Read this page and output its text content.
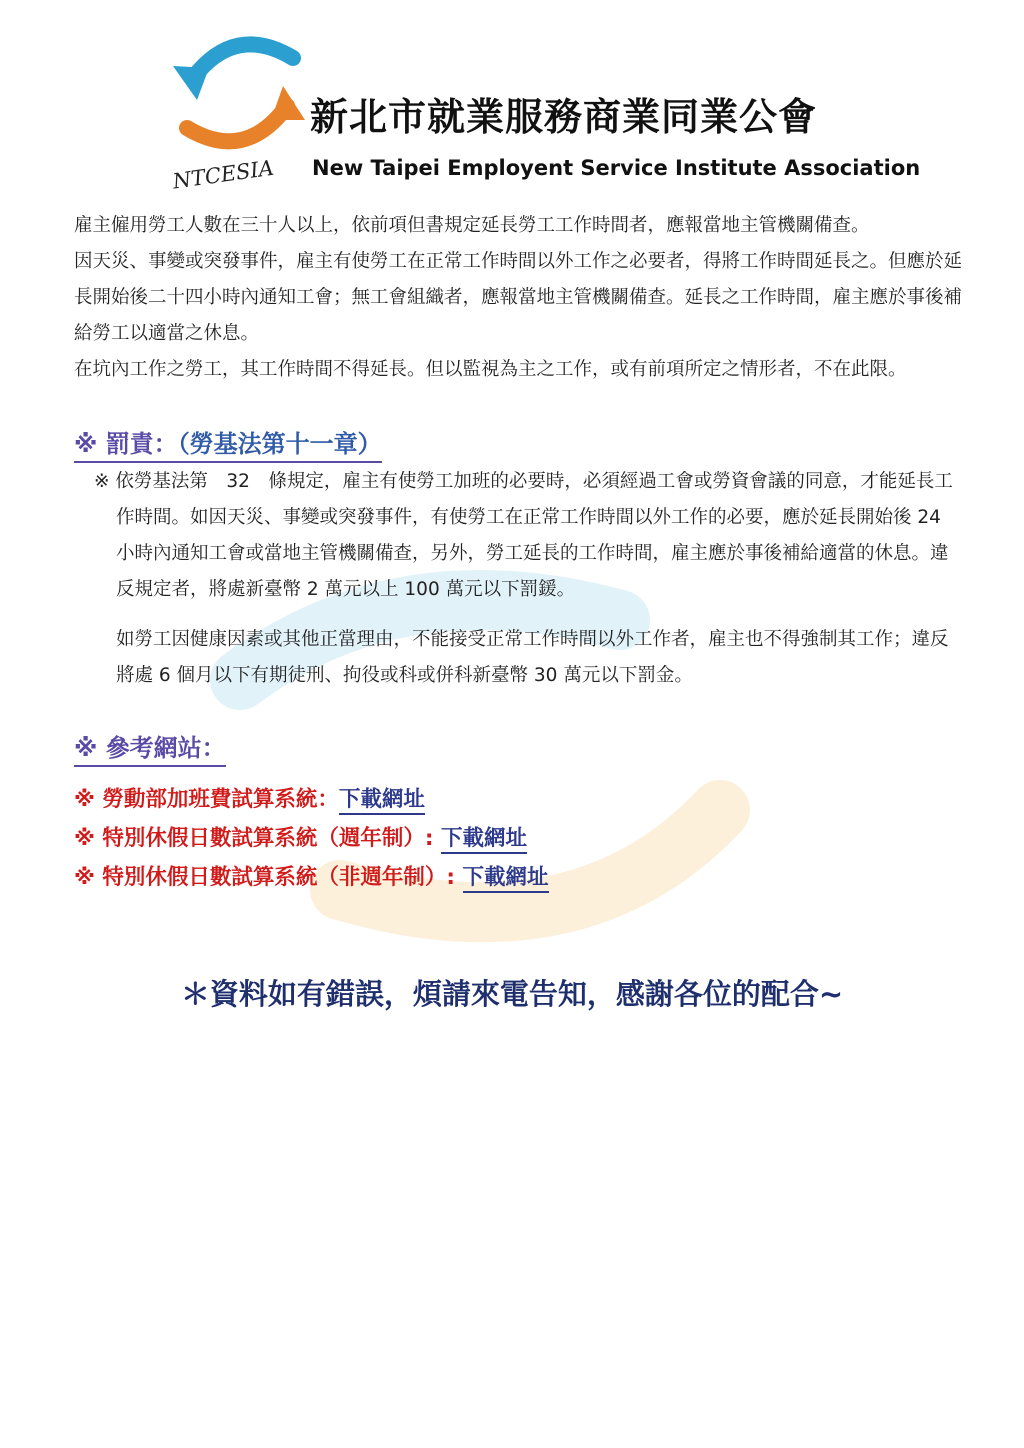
NTCESIA
新北市就業服務商業同業公會
New Taipei Employent Service Institute Association

雇主僱用勞工人數在三十人以上，依前項但書規定延長勞工工作時間者，應報當地主管機關備查。

因天災、事變或突發事件，雇主有使勞工在正常工作時間以外工作之必要者，得將工作時間延長之。但應於延長開始後二十四小時內通知工會；無工會組織者，應報當地主管機關備查。延長之工作時間，雇主應於事後補給勞工以適當之休息。

在坑內工作之勞工，其工作時間不得延長。但以監視為主之工作，或有前項所定之情形者，不在此限。

※ 罰責：（勞基法第十一章）

※ 依勞基法第　32　條規定，雇主有使勞工加班的必要時，必須經過工會或勞資會議的同意，才能延長工作時間。如因天災、事變或突發事件，有使勞工在正常工作時間以外工作的必要，應於延長開始後 24 小時內通知工會或當地主管機關備查，另外，勞工延長的工作時間，雇主應於事後補給適當的休息。違反規定者，將處新臺幣 2 萬元以上 100 萬元以下罰鍰。

如勞工因健康因素或其他正當理由，不能接受正常工作時間以外工作者，雇主也不得強制其工作；違反將處 6 個月以下有期徒刑、拘役或科或併科新臺幣 30 萬元以下罰金。

※ 參考網站：
※ 勞動部加班費試算系統：下載網址
※ 特別休假日數試算系統（週年制）: 下載網址
※ 特別休假日數試算系統（非週年制）: 下載網址
＊資料如有錯誤，煩請來電告知，感謝各位的配合~
